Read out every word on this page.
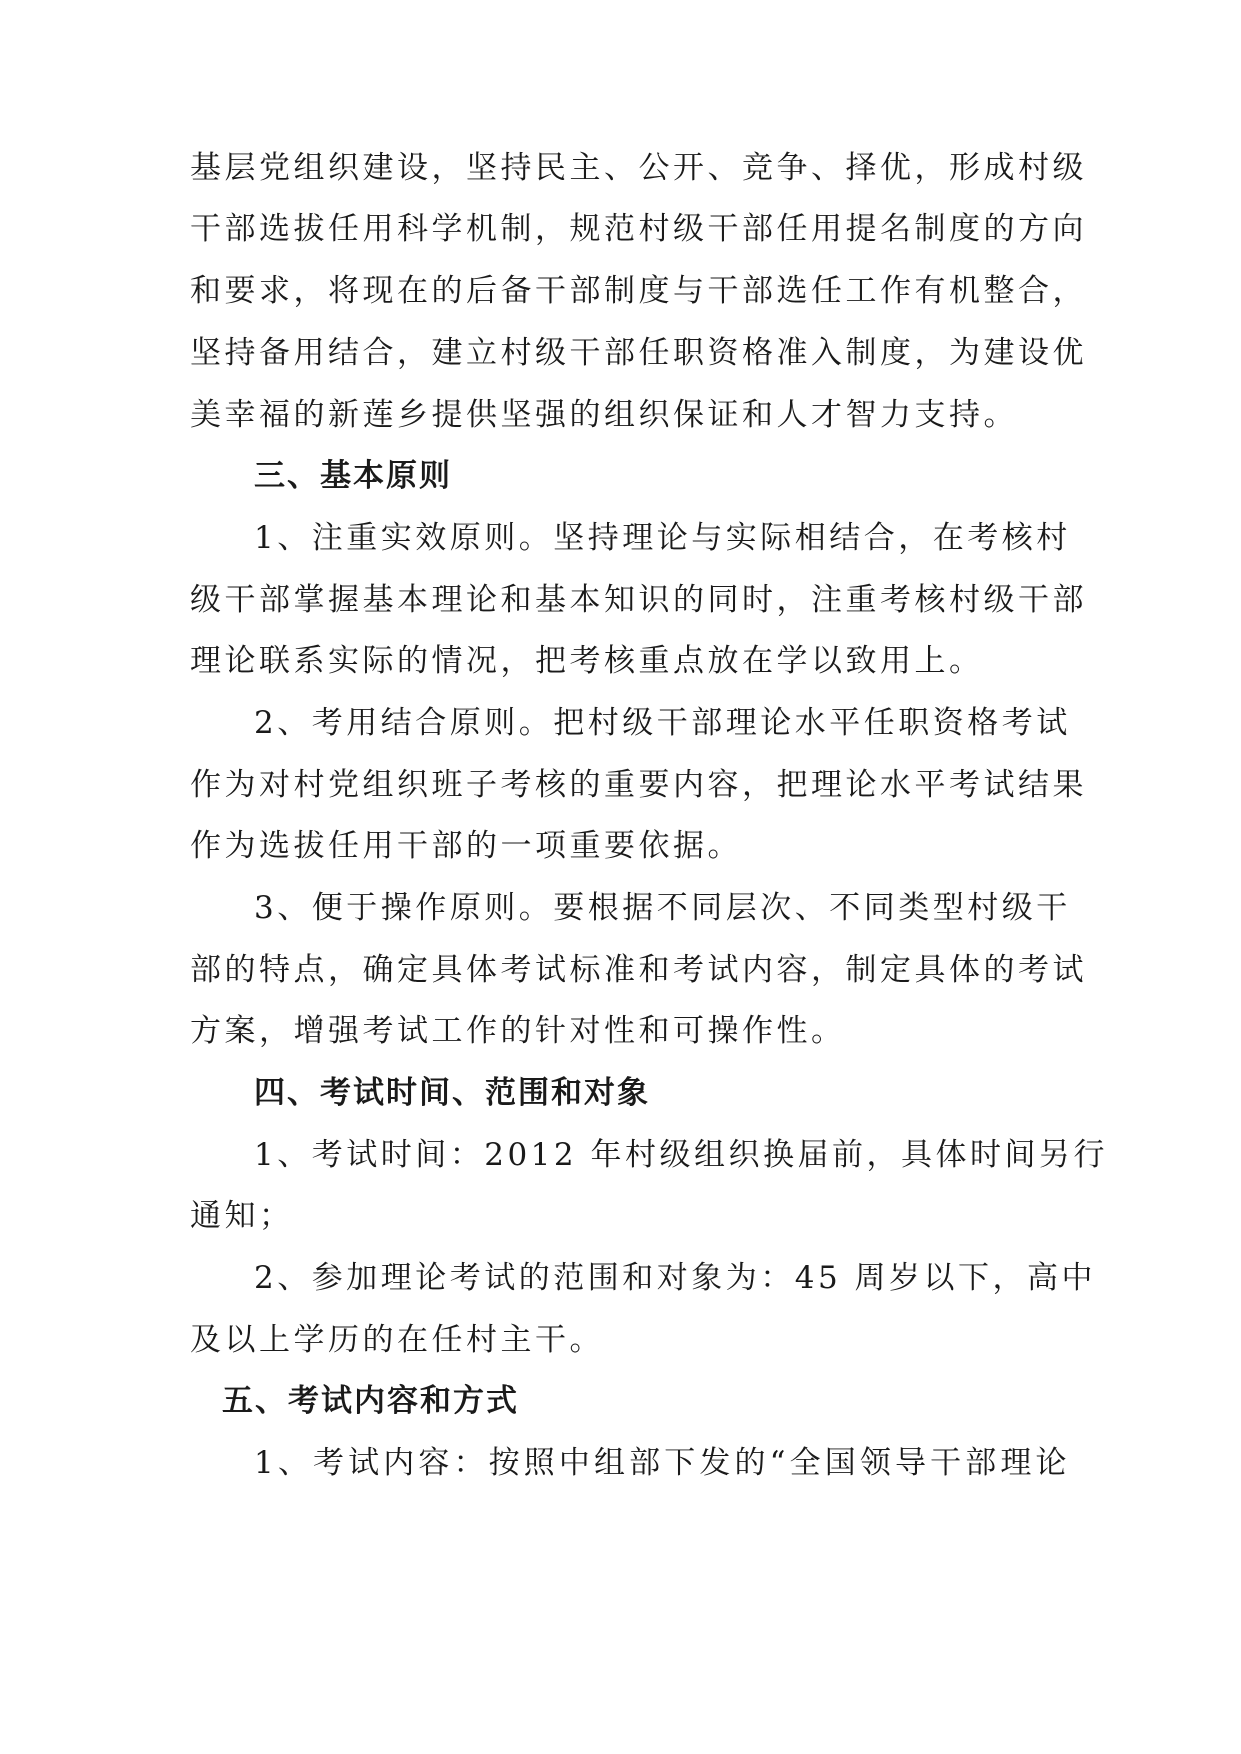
基层党组织建设，坚持民主、公开、竞争、择优，形成村级
干部选拔任用科学机制，规范村级干部任用提名制度的方向
和要求，将现在的后备干部制度与干部选任工作有机整合，
坚持备用结合，建立村级干部任职资格准入制度，为建设优
美幸福的新莲乡提供坚强的组织保证和人才智力支持。
三、基本原则
1、注重实效原则。坚持理论与实际相结合，在考核村
级干部掌握基本理论和基本知识的同时，注重考核村级干部
理论联系实际的情况，把考核重点放在学以致用上。
2、考用结合原则。把村级干部理论水平任职资格考试
作为对村党组织班子考核的重要内容，把理论水平考试结果
作为选拔任用干部的一项重要依据。
3、便于操作原则。要根据不同层次、不同类型村级干
部的特点，确定具体考试标准和考试内容，制定具体的考试
方案，增强考试工作的针对性和可操作性。
四、考试时间、范围和对象
1、考试时间：2012 年村级组织换届前，具体时间另行
通知；
2、参加理论考试的范围和对象为：45 周岁以下，高中
及以上学历的在任村主干。
五、考试内容和方式
1、考试内容：按照中组部下发的“全国领导干部理论
